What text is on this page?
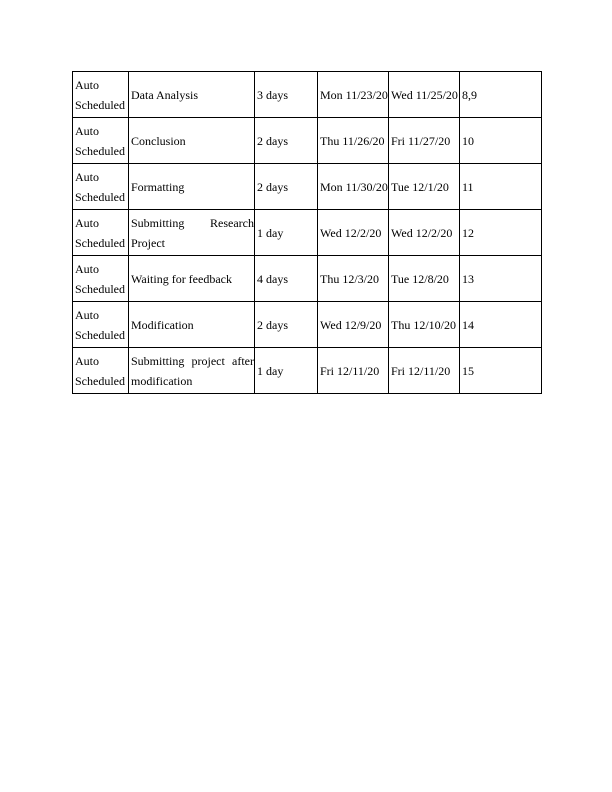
Auto Scheduled	Data Analysis	3 days	Mon 11/23/20	Wed 11/25/20	8,9
Auto Scheduled	Conclusion	2 days	Thu 11/26/20	Fri 11/27/20	10
Auto Scheduled	Formatting	2 days	Mon 11/30/20	Tue 12/1/20	11
Auto Scheduled	Submitting Research Project	1 day	Wed 12/2/20	Wed 12/2/20	12
Auto Scheduled	Waiting for feedback	4 days	Thu 12/3/20	Tue 12/8/20	13
Auto Scheduled	Modification	2 days	Wed 12/9/20	Thu 12/10/20	14
Auto Scheduled	Submitting project after modification	1 day	Fri 12/11/20	Fri 12/11/20	15
